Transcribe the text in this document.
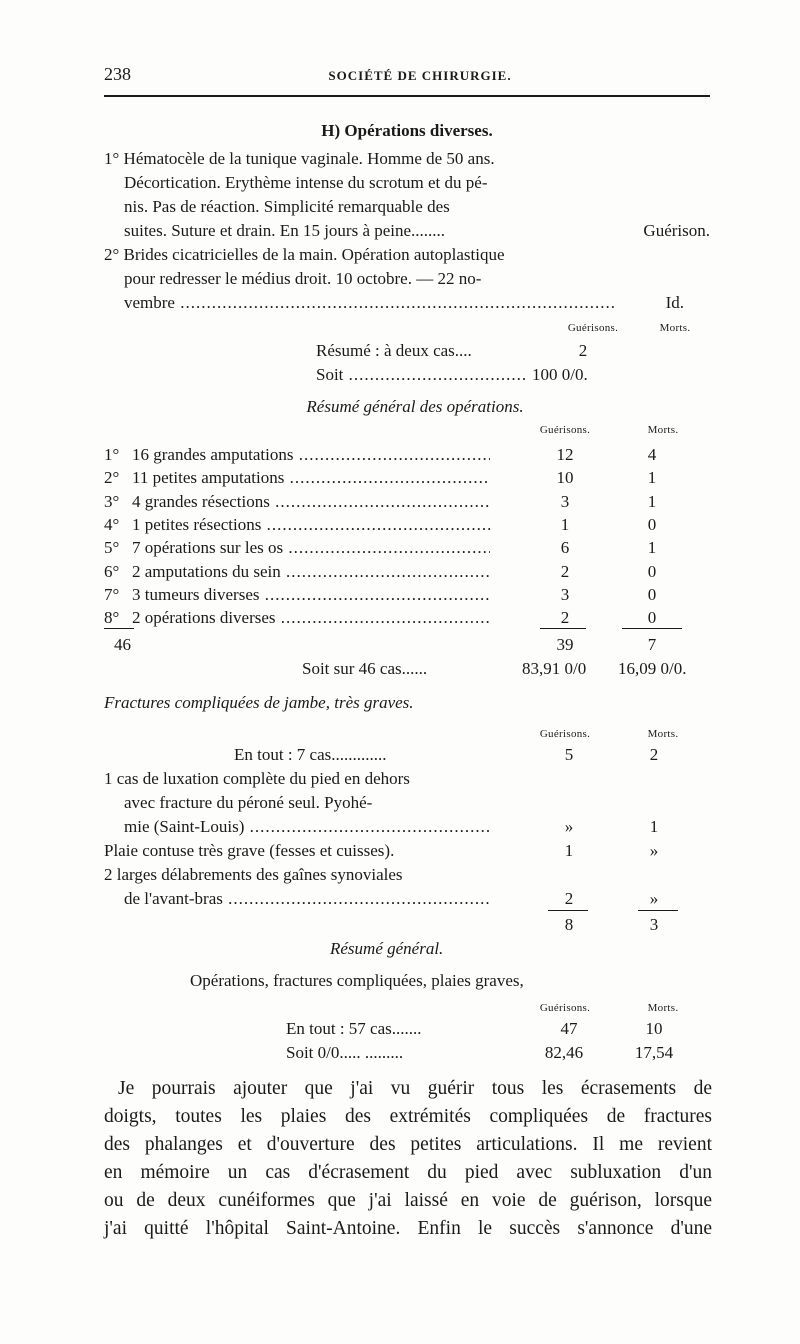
238	SOCIÉTÉ DE CHIRURGIE.
H) Opérations diverses.
1° Hématocèle de la tunique vaginale. Homme de 50 ans.
Décortication. Erythème intense du scrotum et du pé-
nis. Pas de réaction. Simplicité remarquable des
suites. Suture et drain. En 15 jours à peine........	Guérison.
2° Brides cicatricielles de la main. Opération autoplastique
pour redresser le médius droit. 10 octobre. — 22 no-
vembre .....	Id.
Guérisons.	Morts.
Résumé : à deux cas....	2
Soit .....	100 0/0.
Résumé général des opérations.
Guérisons.	Morts.
1° 16 grandes amputations .....	12	4
2° 11 petites amputations .....	10	1
3° 4 grandes résections .....	3	1
4° 1 petites résections .....	1	0
5° 7 opérations sur les os .....	6	1
6° 2 amputations du sein .....	2	0
7° 3 tumeurs diverses .....	3	0
8° 2 opérations diverses .....	2	0
46	39	7
Soit sur 46 cas......	83,91 0/0 16,09 0/0.
Fractures compliquées de jambe, très graves.
Guérisons.	Morts.
En tout : 7 cas.............	5	2
1 cas de luxation complète du pied en dehors
avec fracture du péroné seul. Pyohé-
mie (Saint-Louis) .....	»	1
Plaie contuse très grave (fesses et cuisses).	1	»
2 larges délabrements des gaînes synoviales
de l'avant-bras .....	2	»
8	3
Résumé général.
Opérations, fractures compliquées, plaies graves,
Guérisons.	Morts.
En tout : 57 cas.......	47	10
Soit 0/0..... .........	82,46	17,54
Je pourrais ajouter que j'ai vu guérir tous les écrasements de
doigts, toutes les plaies des extrémités compliquées de fractures
des phalanges et d'ouverture des petites articulations. Il me revient
en mémoire un cas d'écrasement du pied avec subluxation d'un
ou de deux cunéiformes que j'ai laissé en voie de guérison, lorsque
j'ai quitté l'hôpital Saint-Antoine. Enfin le succès s'annonce d'une
